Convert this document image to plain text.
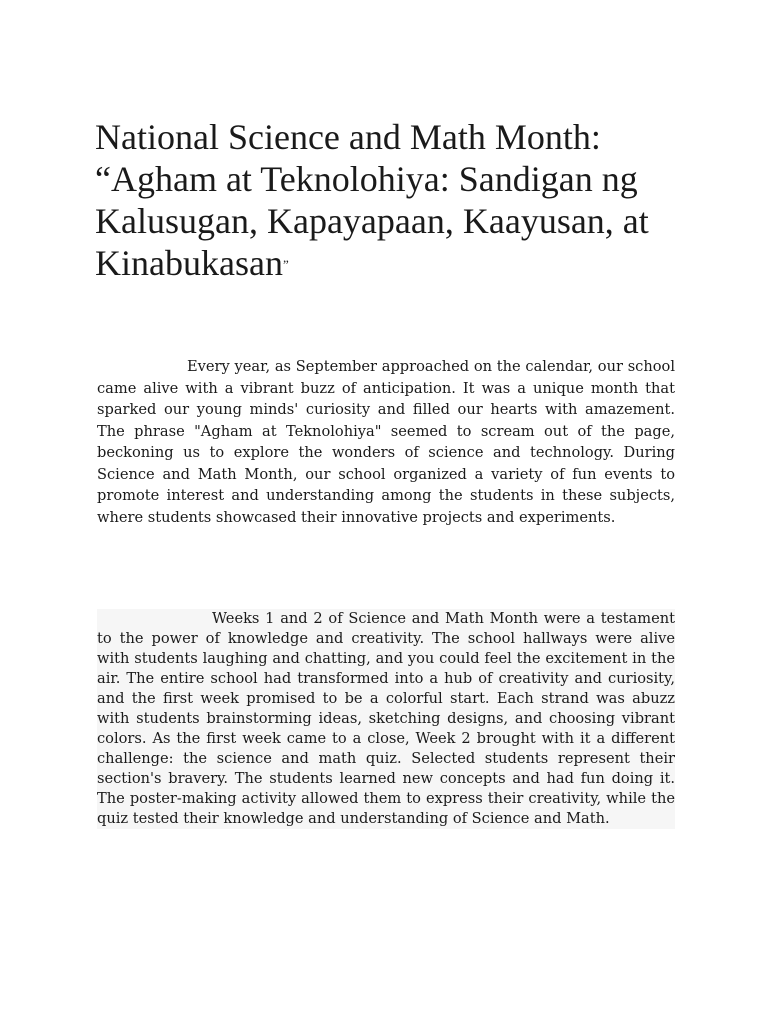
National Science and Math Month: “Agham at Teknolohiya: Sandigan ng Kalusugan, Kapayapaan, Kaayusan, at Kinabukasan”

Every year, as September approached on the calendar, our school came alive with a vibrant buzz of anticipation. It was a unique month that sparked our young minds' curiosity and filled our hearts with amazement. The phrase "Agham at Teknolohiya" seemed to scream out of the page, beckoning us to explore the wonders of science and technology. During Science and Math Month, our school organized a variety of fun events to promote interest and understanding among the students in these subjects, where students showcased their innovative projects and experiments.

Weeks 1 and 2 of Science and Math Month were a testament to the power of knowledge and creativity. The school hallways were alive with students laughing and chatting, and you could feel the excitement in the air. The entire school had transformed into a hub of creativity and curiosity, and the first week promised to be a colorful start. Each strand was abuzz with students brainstorming ideas, sketching designs, and choosing vibrant colors. As the first week came to a close, Week 2 brought with it a different challenge: the science and math quiz. Selected students represent their section's bravery. The students learned new concepts and had fun doing it. The poster-making activity allowed them to express their creativity, while the quiz tested their knowledge and understanding of Science and Math.
